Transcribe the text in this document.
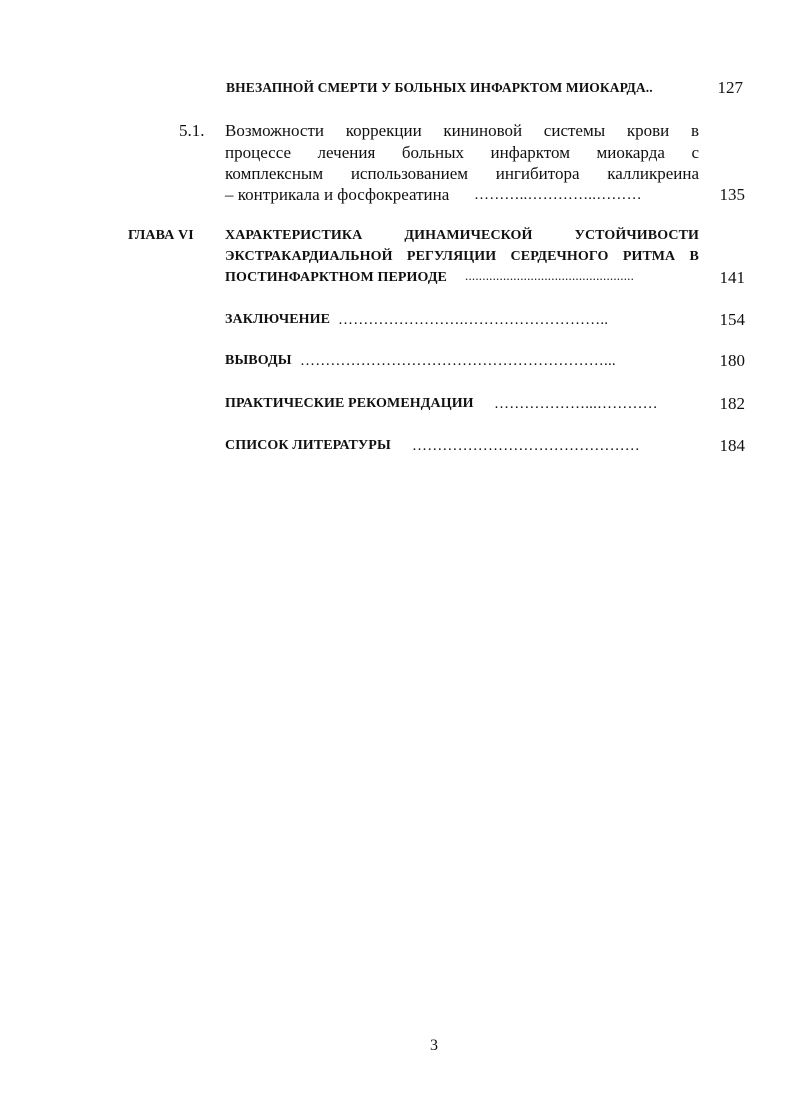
ВНЕЗАПНОЙ СМЕРТИ У БОЛЬНЫХ ИНФАРКТОМ МИОКАРДА..	127
5.1. Возможности коррекции кининовой системы крови в
процессе лечения больных инфарктом миокарда с
комплексным использованием ингибитора калликреина
– контрикала и фосфокреатина ………..…………..………	135
ГЛАВА VI ХАРАКТЕРИСТИКА ДИНАМИЧЕСКОЙ УСТОЙЧИВОСТИ
ЭКСТРАКАРДИАЛЬНОЙ РЕГУЛЯЦИИ СЕРДЕЧНОГО РИТМА В
ПОСТИНФАРКТНОМ ПЕРИОДЕ .................................................	141
ЗАКЛЮЧЕНИЕ …………………….………………………..	154
ВЫВОДЫ ……………………………………………………...	180
ПРАКТИЧЕСКИЕ РЕКОМЕНДАЦИИ ………………...…………	182
СПИСОК ЛИТЕРАТУРЫ ………………………………………	184
3
